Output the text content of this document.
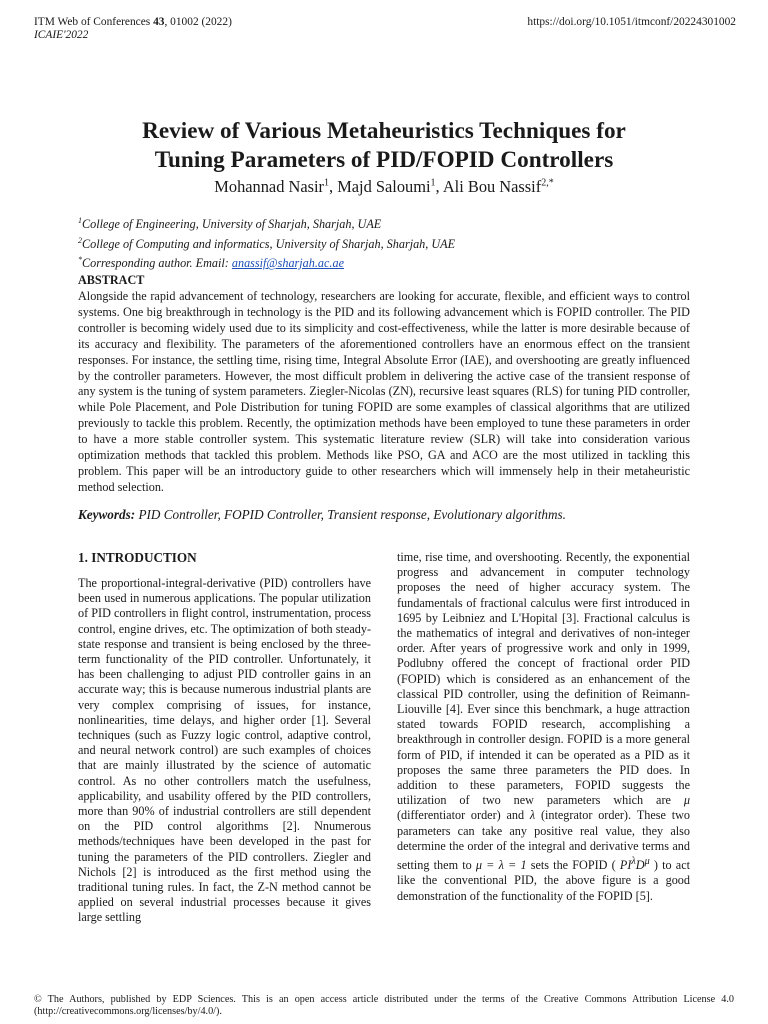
ITM Web of Conferences 43, 01002 (2022)	https://doi.org/10.1051/itmconf/20224301002
ICAIE'2022
Review of Various Metaheuristics Techniques for
Tuning Parameters of PID/FOPID Controllers
Mohannad Nasir$^1$, Majd Saloumi$^1$, Ali Bou Nassif$^{2,*}$
$^1$College of Engineering, University of Sharjah, Sharjah, UAE
$^2$College of Computing and informatics, University of Sharjah, Sharjah, UAE
*Corresponding author. Email: anassif@sharjah.ac.ae
ABSTRACT
Alongside the rapid advancement of technology, researchers are looking for accurate, flexible, and efficient ways to control systems. One big breakthrough in technology is the PID and its following advancement which is FOPID controller. The PID controller is becoming widely used due to its simplicity and cost-effectiveness, while the latter is more desirable because of its accuracy and flexibility. The parameters of the aforementioned controllers have an enormous effect on the transient responses. For instance, the settling time, rising time, Integral Absolute Error (IAE), and overshooting are greatly influenced by the controller parameters. However, the most difficult problem in delivering the active case of the transient response of any system is the tuning of system parameters. Ziegler-Nicolas (ZN), recursive least squares (RLS) for tuning PID controller, while Pole Placement, and Pole Distribution for tuning FOPID are some examples of classical algorithms that are utilized previously to tackle this problem. Recently, the optimization methods have been employed to tune these parameters in order to have a more stable controller system. This systematic literature review (SLR) will take into consideration various optimization methods that tackled this problem. Methods like PSO, GA and ACO are the most utilized in tackling this problem. This paper will be an introductory guide to other researchers which will immensely help in their metaheuristic method selection.
Keywords: PID Controller, FOPID Controller, Transient response, Evolutionary algorithms.
1. INTRODUCTION
The proportional-integral-derivative (PID) controllers have been used in numerous applications. The popular utilization of PID controllers in flight control, instrumentation, process control, engine drives, etc. The optimization of both steady-state response and transient is being enclosed by the three-term functionality of the PID controller. Unfortunately, it has been challenging to adjust PID controller gains in an accurate way; this is because numerous industrial plants are very complex comprising of issues, for instance, nonlinearities, time delays, and higher order [1]. Several techniques (such as Fuzzy logic control, adaptive control, and neural network control) are such examples of choices that are mainly illustrated by the science of automatic control. As no other controllers match the usefulness, applicability, and usability offered by the PID controllers, more than 90% of industrial controllers are still dependent on the PID control algorithms [2]. Nnumerous methods/techniques have been developed in the past for tuning the parameters of the PID controllers. Ziegler and Nichols [2] is introduced as the first method using the traditional tuning rules. In fact, the Z-N method cannot be applied on several industrial processes because it gives large settling
time, rise time, and overshooting. Recently, the exponential progress and advancement in computer technology proposes the need of higher accuracy system. The fundamentals of fractional calculus were first introduced in 1695 by Leibniez and L'Hopital [3]. Fractional calculus is the mathematics of integral and derivatives of non-integer order. After years of progressive work and only in 1999, Podlubny offered the concept of fractional order PID (FOPID) which is considered as an enhancement of the classical PID controller, using the definition of Reimann-Liouville [4]. Ever since this benchmark, a huge attraction stated towards FOPID research, accomplishing a breakthrough in controller design. FOPID is a more general form of PID, if intended it can be operated as a PID as it proposes the same three parameters the PID does. In addition to these parameters, FOPID suggests the utilization of two new parameters which are μ (differentiator order) and λ (integrator order). These two parameters can take any positive real value, they also determine the order of the integral and derivative terms and setting them to μ = λ = 1 sets the FOPID ( $PI^\lambda D^\mu$ ) to act like the conventional PID, the above figure is a good demonstration of the functionality of the FOPID [5].
© The Authors, published by EDP Sciences. This is an open access article distributed under the terms of the Creative Commons Attribution License 4.0 (http://creativecommons.org/licenses/by/4.0/).
